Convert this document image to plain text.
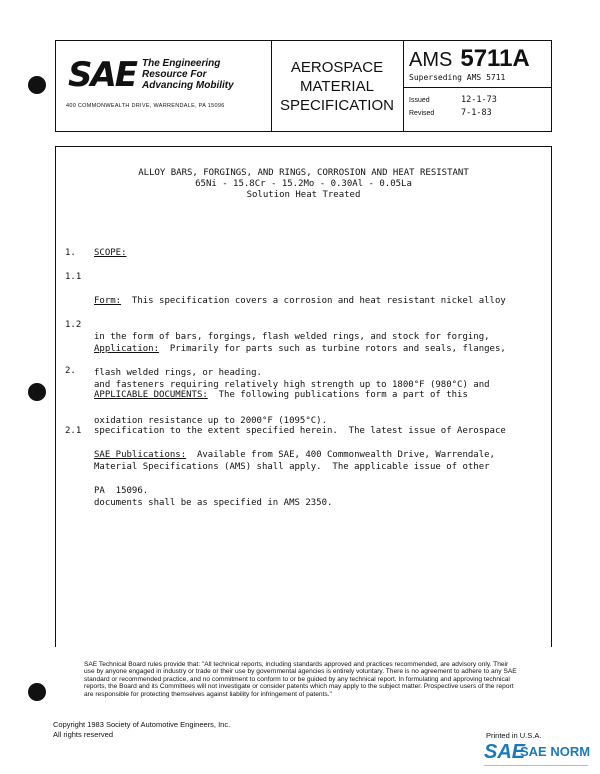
SAE The Engineering
Resource For
Advancing Mobility
400 COMMONWEALTH DRIVE, WARRENDALE, PA 15096
AEROSPACE
MATERIAL
SPECIFICATION
AMS 5711A
Superseding AMS 5711
Issued	12-1-73
Revised	7-1-83
ALLOY BARS, FORGINGS, AND RINGS, CORROSION AND HEAT RESISTANT
65Ni - 15.8Cr - 15.2Mo - 0.30Al - 0.05La
Solution Heat Treated
1. SCOPE:
1.1

Form:  This specification covers a corrosion and heat resistant nickel alloy

in the form of bars, forgings, flash welded rings, and stock for forging,

flash welded rings, or heading.

1.2

Application:  Primarily for parts such as turbine rotors and seals, flanges,

and fasteners requiring relatively high strength up to 1800°F (980°C) and

oxidation resistance up to 2000°F (1095°C).

2.

APPLICABLE DOCUMENTS:  The following publications form a part of this

specification to the extent specified herein.  The latest issue of Aerospace

Material Specifications (AMS) shall apply.  The applicable issue of other

documents shall be as specified in AMS 2350.

2.1

SAE Publications:  Available from SAE, 400 Commonwealth Drive, Warrendale,

PA  15096.

SAE Technical Board rules provide that: "All technical reports, including standards approved and practices recommended, are advisory only. Their use by anyone engaged in industry or trade or their use by governmental agencies is entirely voluntary. There is no agreement to adhere to any SAE standard or recommended practice, and no commitment to conform to or be guided by any technical report. In formulating and approving technical reports, the Board and its Committees will not investigate or consider patents which may apply to the subject matter. Prospective users of the report are responsible for protecting themselves against liability for infringement of patents."
Copyright 1983 Society of Automotive Engineers, Inc.
All rights reserved	Printed in U.S.A.
SAE
SAE NORM
